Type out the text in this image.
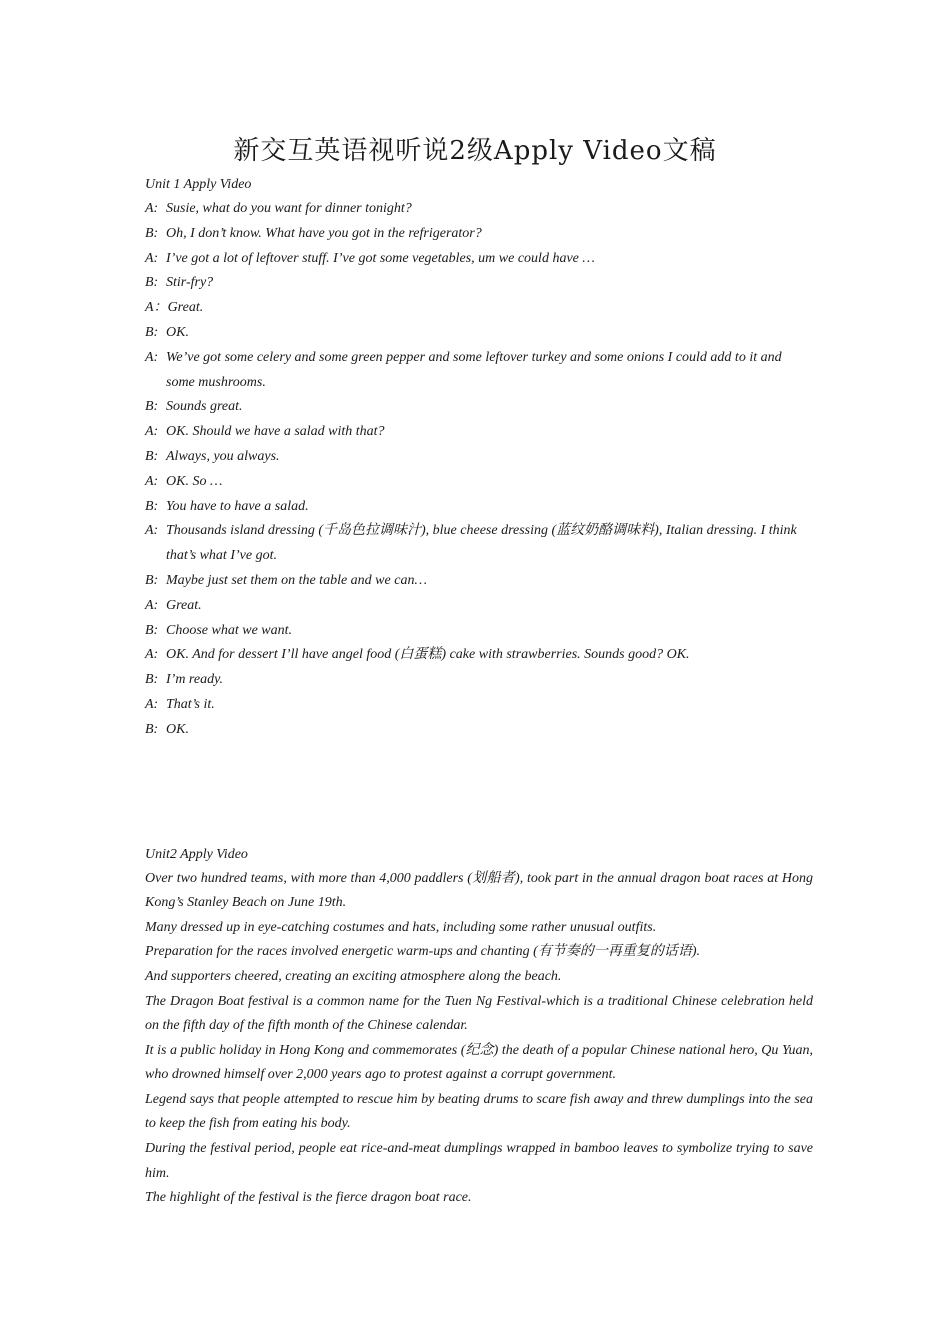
新交互英语视听说2级Apply Video文稿
Unit 1 Apply Video
A: Susie, what do you want for dinner tonight?
B: Oh, I don’t know. What have you got in the refrigerator?
A: I’ve got a lot of leftover stuff. I’ve got some vegetables, um we could have …
B: Stir-fry?
A： Great.
B: OK.
A: We’ve got some celery and some green pepper and some leftover turkey and some onions I could add to it and some mushrooms.
B: Sounds great.
A: OK. Should we have a salad with that?
B: Always, you always.
A: OK. So …
B: You have to have a salad.
A: Thousands island dressing (千岛色拉调味汁), blue cheese dressing (蓝纹奶酪调味料), Italian dressing. I think that’s what I’ve got.
B: Maybe just set them on the table and we can…
A: Great.
B: Choose what we want.
A: OK. And for dessert I’ll have angel food (白蛋糕) cake with strawberries. Sounds good? OK.
B: I’m ready.
A: That’s it.
B: OK.
Unit2 Apply Video
Over two hundred teams, with more than 4,000 paddlers (划船者), took part in the annual dragon boat races at Hong Kong’s Stanley Beach on June 19th.
Many dressed up in eye-catching costumes and hats, including some rather unusual outfits.
Preparation for the races involved energetic warm-ups and chanting (有节奏的一再重复的话语).
And supporters cheered, creating an exciting atmosphere along the beach.
The Dragon Boat festival is a common name for the Tuen Ng Festival-which is a traditional Chinese celebration held on the fifth day of the fifth month of the Chinese calendar.
It is a public holiday in Hong Kong and commemorates (纪念) the death of a popular Chinese national hero, Qu Yuan, who drowned himself over 2,000 years ago to protest against a corrupt government.
Legend says that people attempted to rescue him by beating drums to scare fish away and threw dumplings into the sea to keep the fish from eating his body.
During the festival period, people eat rice-and-meat dumplings wrapped in bamboo leaves to symbolize trying to save him.
The highlight of the festival is the fierce dragon boat race.
